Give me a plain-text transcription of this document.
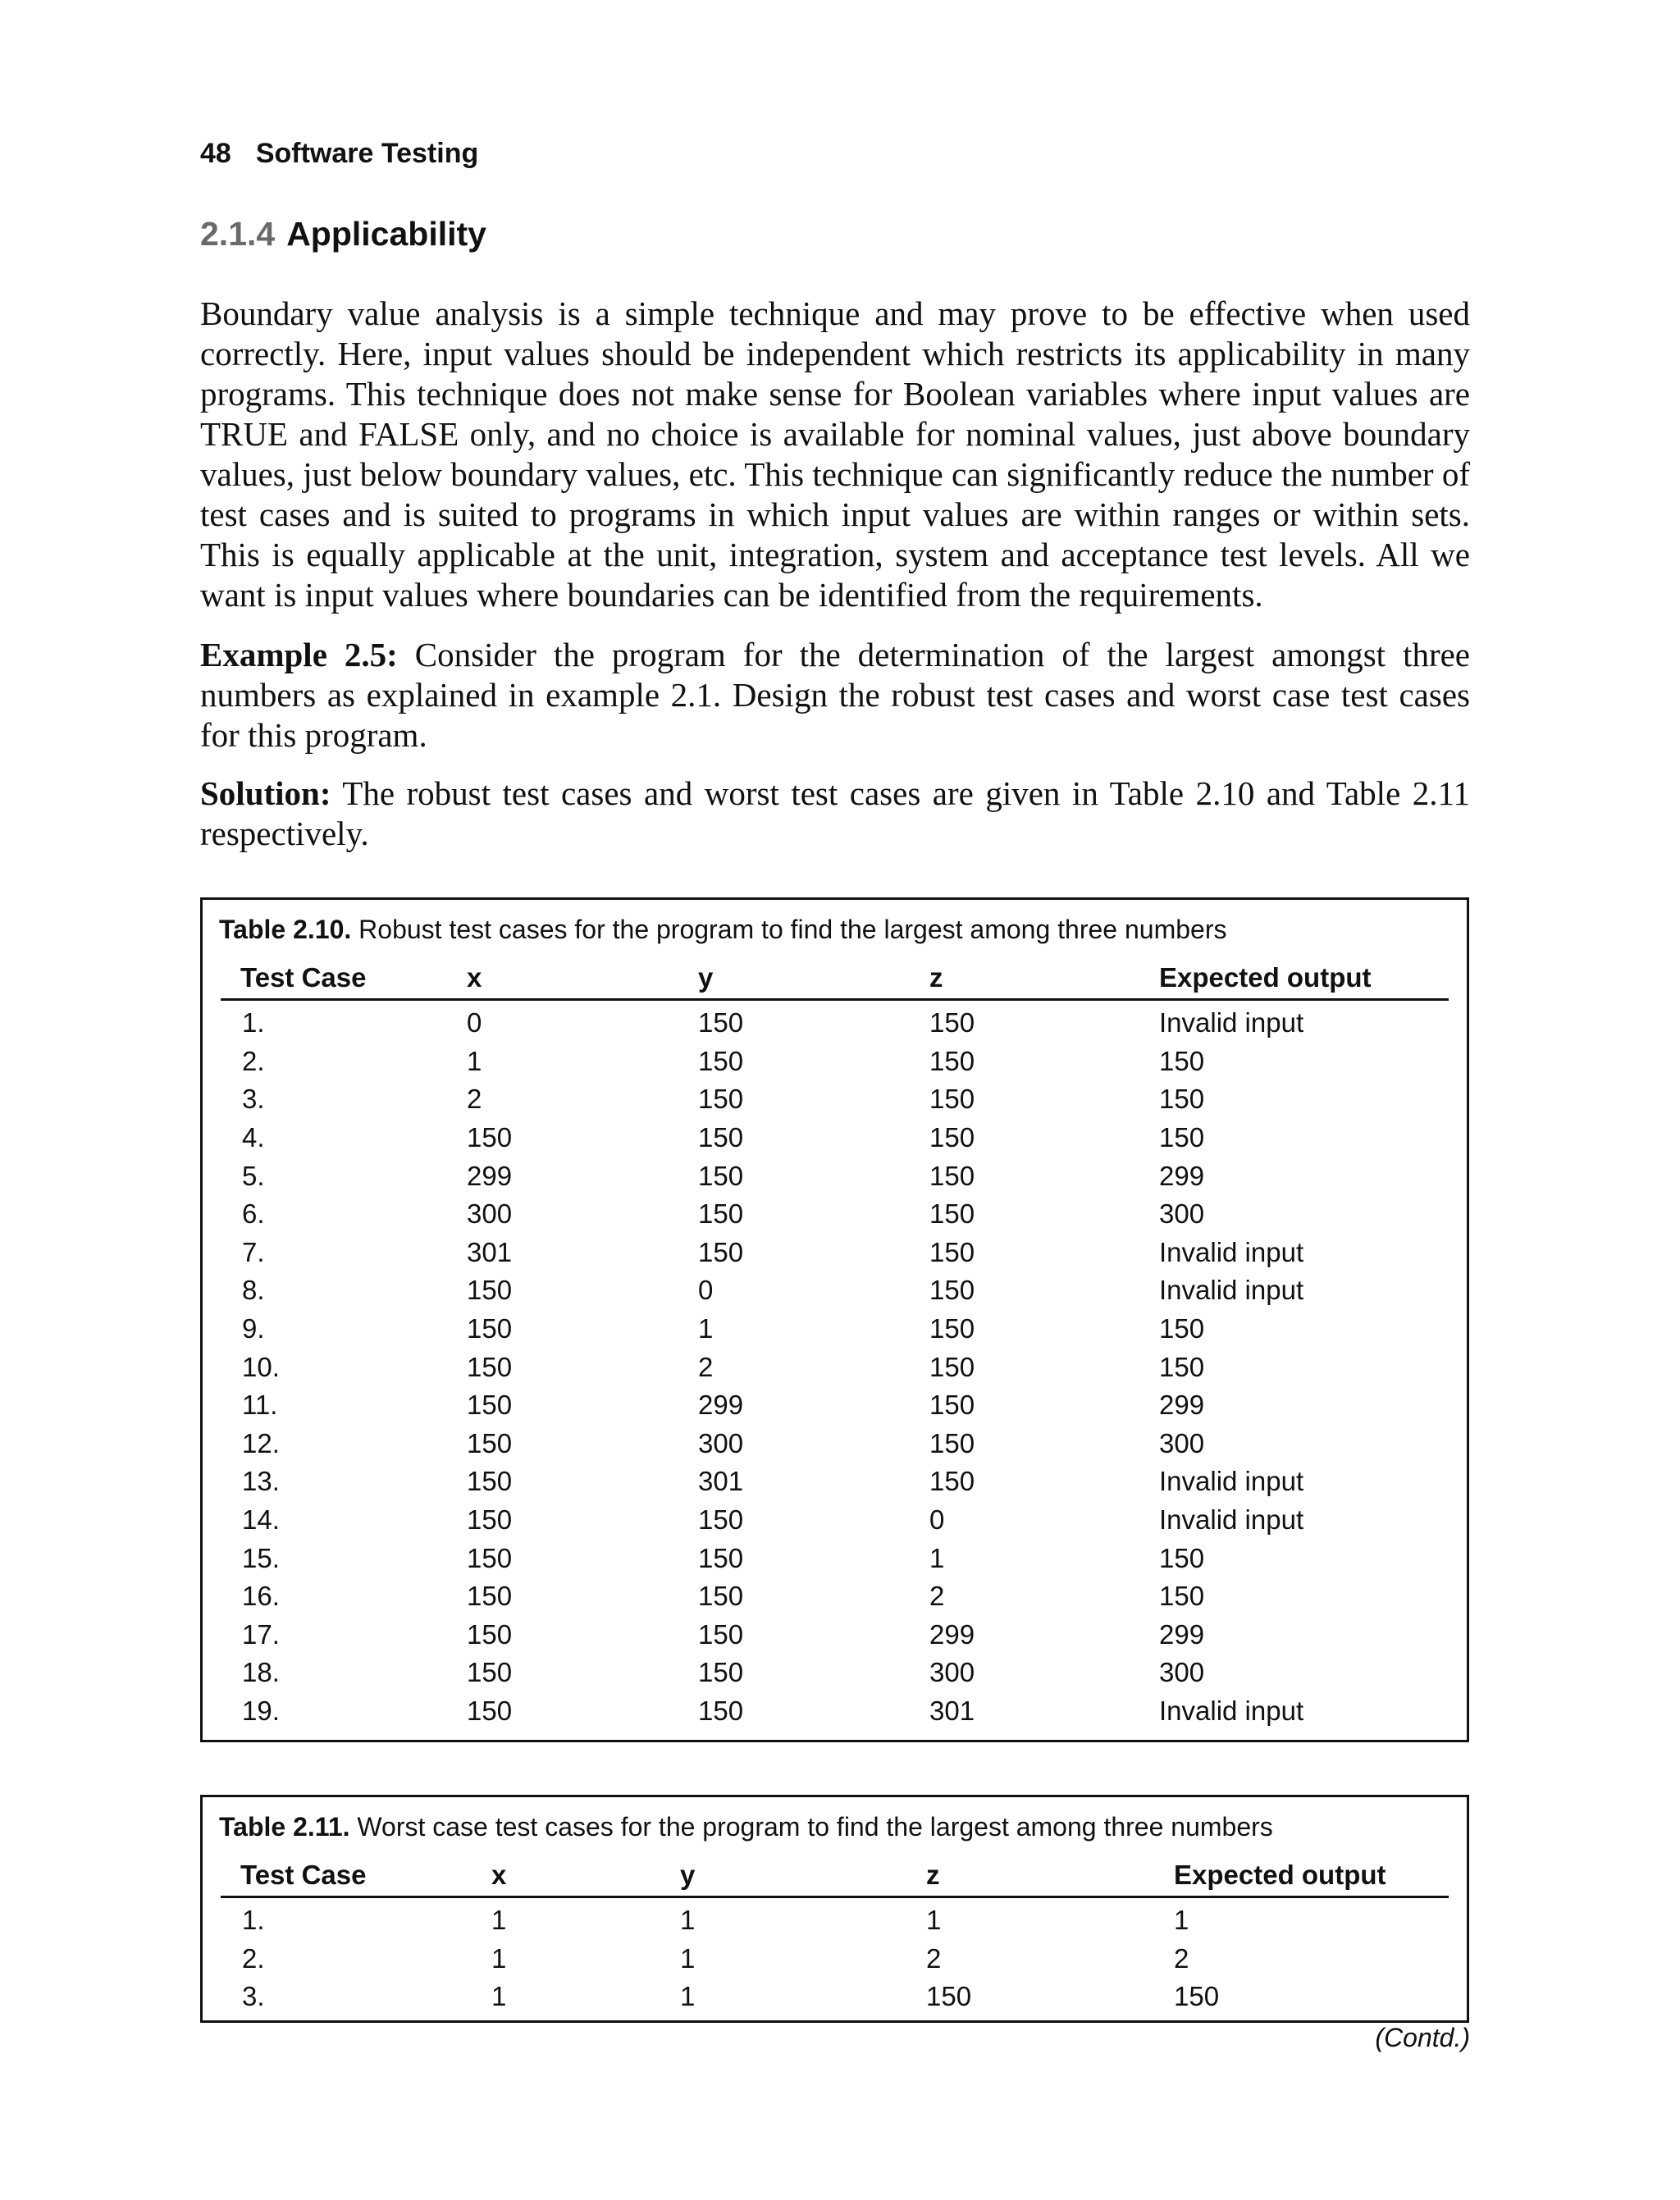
48 Software Testing
2.1.4 Applicability

Boundary value analysis is a simple technique and may prove to be effective when used correctly. Here, input values should be independent which restricts its applicability in many programs. This technique does not make sense for Boolean variables where input values are TRUE and FALSE only, and no choice is available for nominal values, just above boundary values, just below boundary values, etc. This technique can significantly reduce the number of test cases and is suited to programs in which input values are within ranges or within sets. This is equally applicable at the unit, integration, system and acceptance test levels. All we want is input values where boundaries can be identified from the requirements.

Example 2.5: Consider the program for the determination of the largest amongst three numbers as explained in example 2.1. Design the robust test cases and worst case test cases for this program.

Solution: The robust test cases and worst test cases are given in Table 2.10 and Table 2.11 respectively.

Table 2.10. Robust test cases for the program to find the largest among three numbers
Test Case	x	y	z	Expected output
1.	0	150	150	Invalid input
2.	1	150	150	150
3.	2	150	150	150
4.	150	150	150	150
5.	299	150	150	299
6.	300	150	150	300
7.	301	150	150	Invalid input
8.	150	0	150	Invalid input
9.	150	1	150	150
10.	150	2	150	150
11.	150	299	150	299
12.	150	300	150	300
13.	150	301	150	Invalid input
14.	150	150	0	Invalid input
15.	150	150	1	150
16.	150	150	2	150
17.	150	150	299	299
18.	150	150	300	300
19.	150	150	301	Invalid input
Table 2.11. Worst case test cases for the program to find the largest among three numbers
Test Case	x	y	z	Expected output
1.	1	1	1	1
2.	1	1	2	2
3.	1	1	150	150
(Contd.)
